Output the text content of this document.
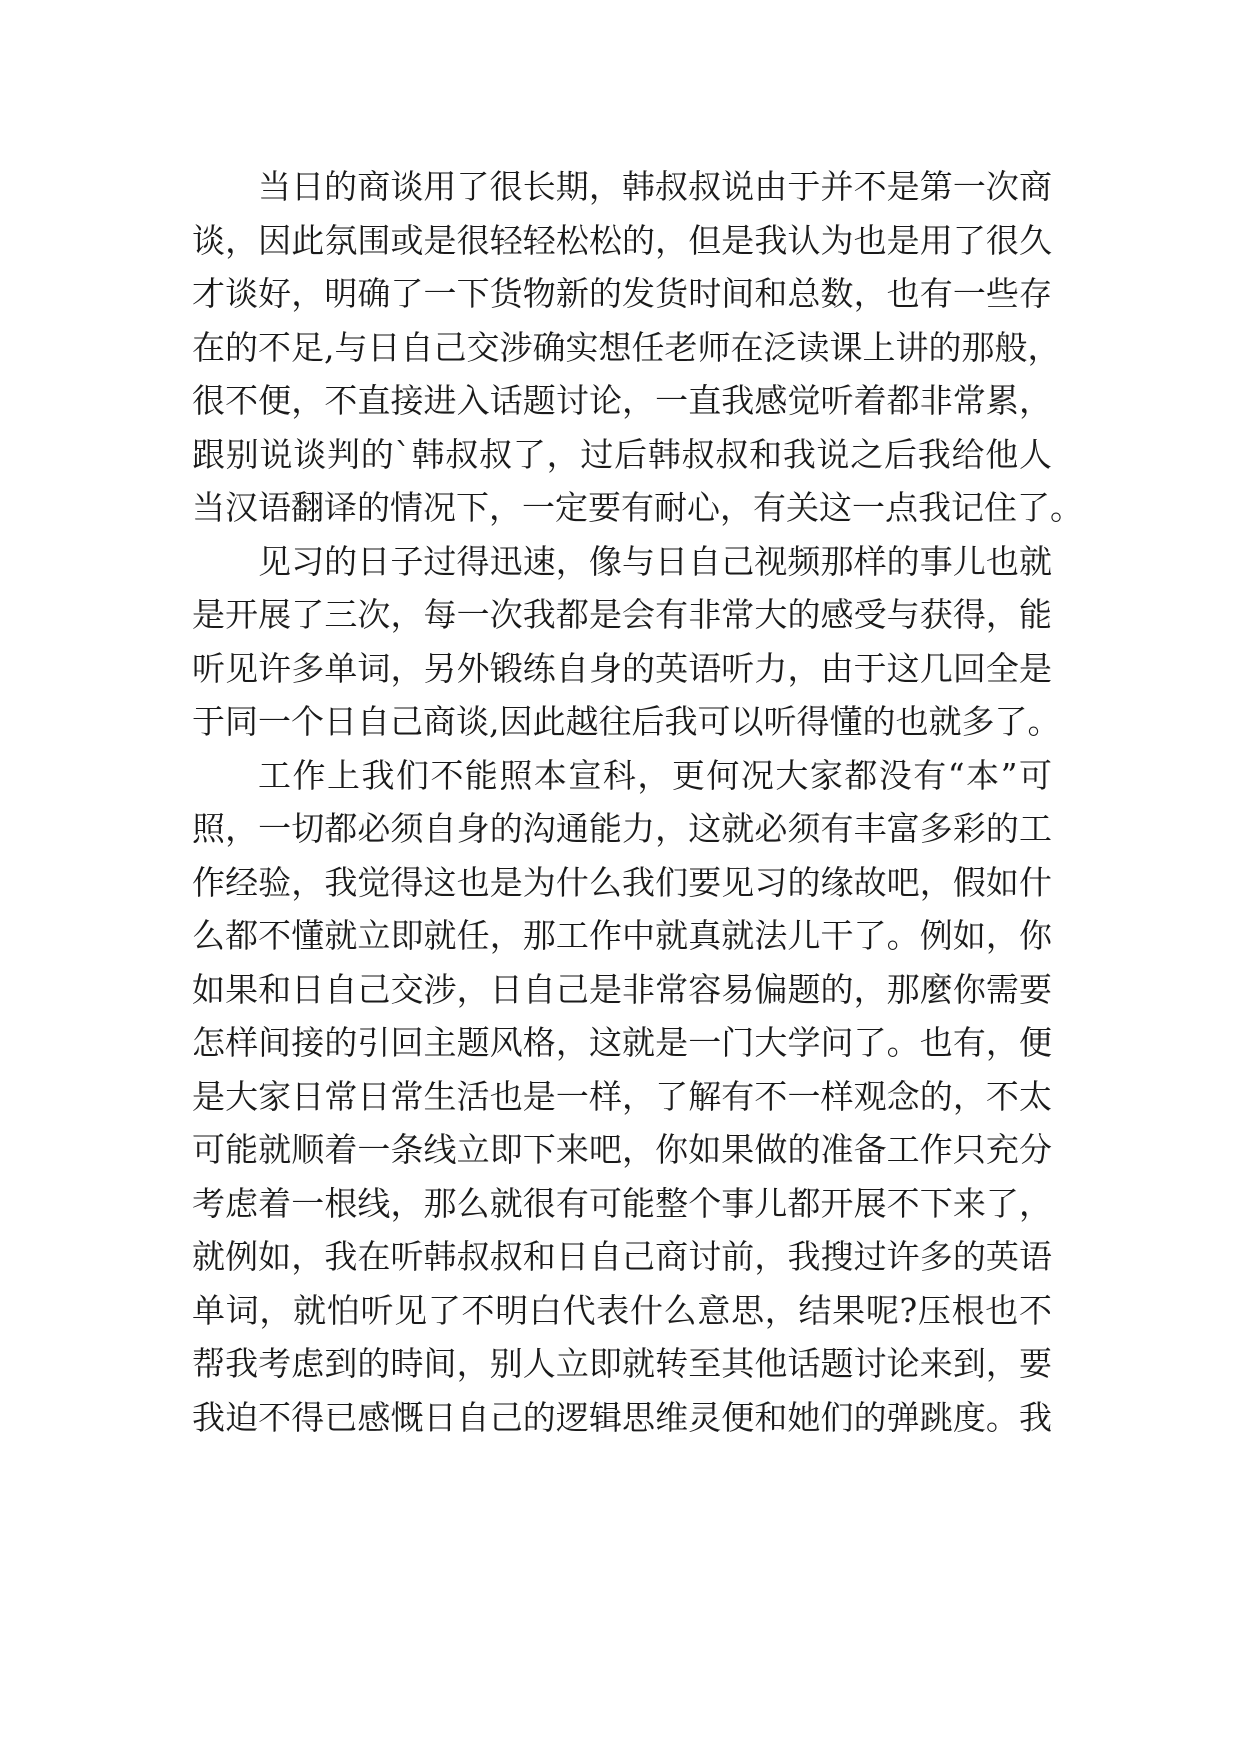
当日的商谈用了很长期，韩叔叔说由于并不是第一次商
谈，因此氛围或是很轻轻松松的，但是我认为也是用了很久
才谈好，明确了一下货物新的发货时间和总数，也有一些存
在的不足,与日自己交涉确实想任老师在泛读课上讲的那般，
很不便，不直接进入话题讨论，一直我感觉听着都非常累，
跟别说谈判的`韩叔叔了，过后韩叔叔和我说之后我给他人
当汉语翻译的情况下，一定要有耐心，有关这一点我记住了。
见习的日子过得迅速，像与日自己视频那样的事儿也就
是开展了三次，每一次我都是会有非常大的感受与获得，能
听见许多单词，另外锻练自身的英语听力，由于这几回全是
于同一个日自己商谈,因此越往后我可以听得懂的也就多了。
工作上我们不能照本宣科，更何况大家都没有“本”可
照，一切都必须自身的沟通能力，这就必须有丰富多彩的工
作经验，我觉得这也是为什么我们要见习的缘故吧，假如什
么都不懂就立即就任，那工作中就真就法儿干了。例如，你
如果和日自己交涉，日自己是非常容易偏题的，那麼你需要
怎样间接的引回主题风格，这就是一门大学问了。也有，便
是大家日常日常生活也是一样，了解有不一样观念的，不太
可能就顺着一条线立即下来吧，你如果做的准备工作只充分
考虑着一根线，那么就很有可能整个事儿都开展不下来了，
就例如，我在听韩叔叔和日自己商讨前，我搜过许多的英语
单词，就怕听见了不明白代表什么意思，结果呢?压根也不
帮我考虑到的時间，别人立即就转至其他话题讨论来到，要
我迫不得已感慨日自己的逻辑思维灵便和她们的弹跳度。我
